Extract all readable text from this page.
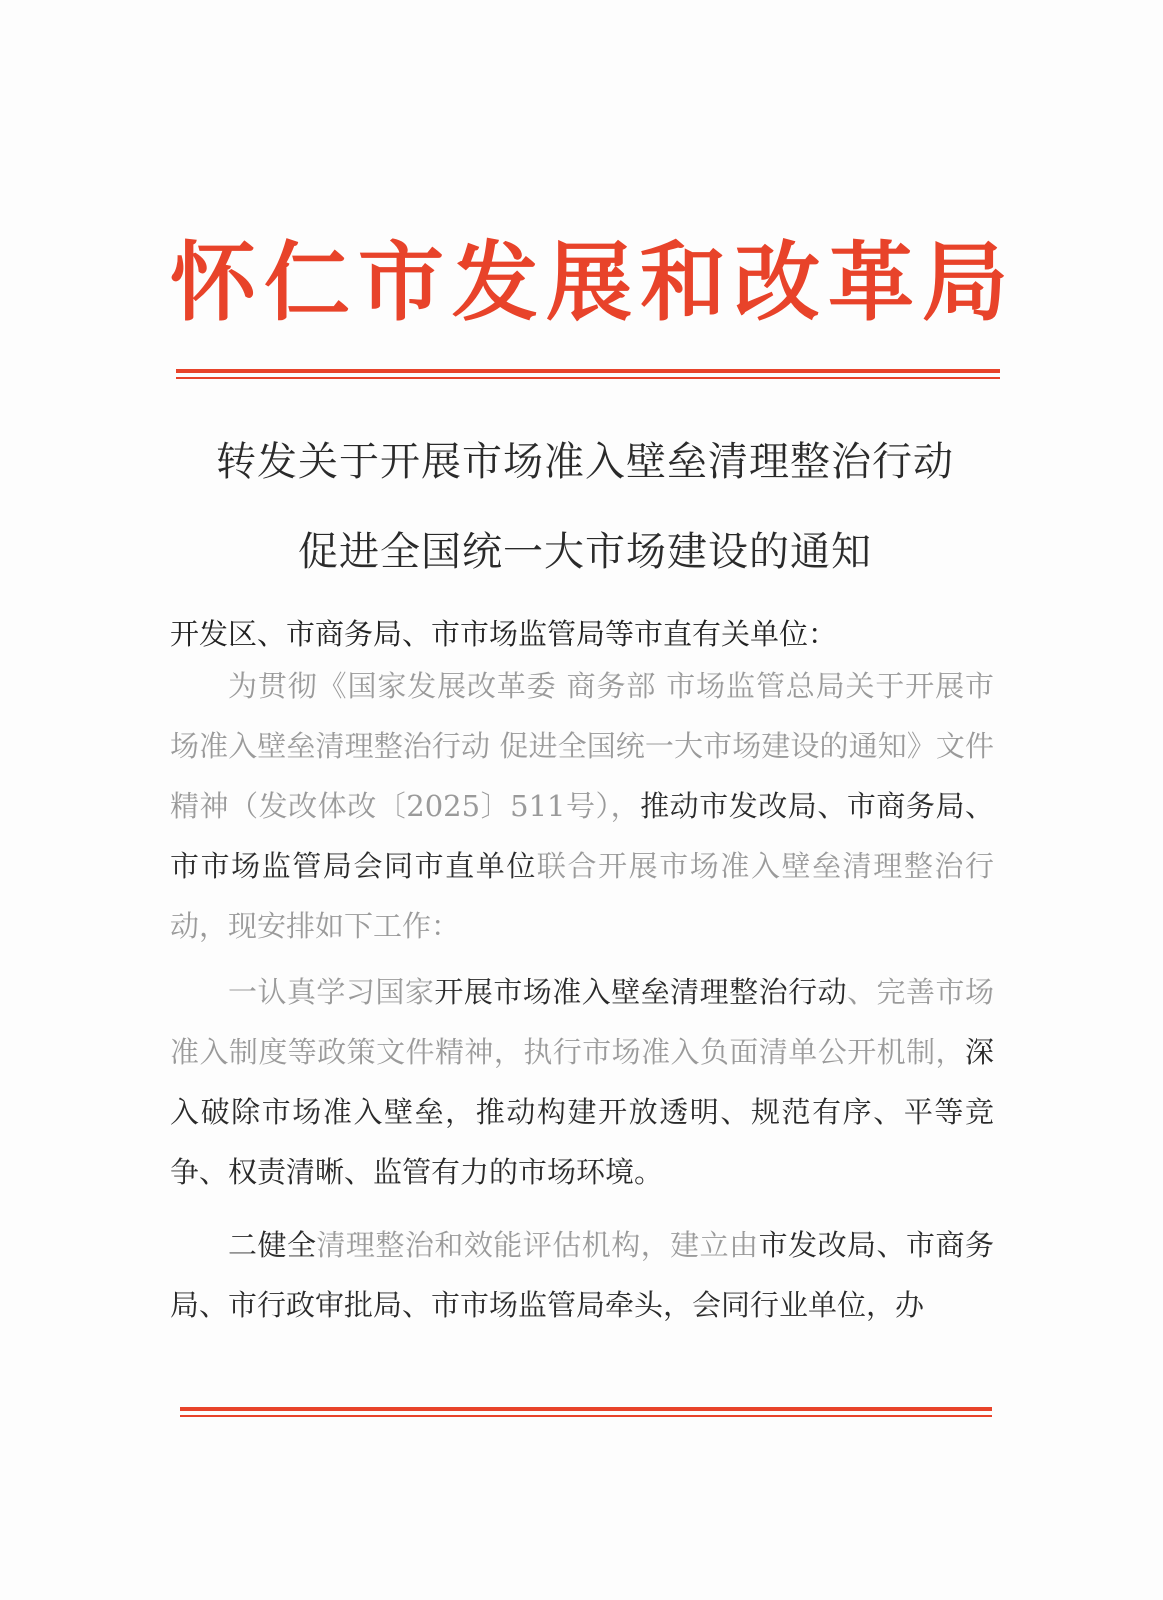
怀仁市发展和改革局
转发关于开展市场准入壁垒清理整治行动
促进全国统一大市场建设的通知
开发区、市商务局、市市场监管局等市直有关单位：
为贯彻《国家发展改革委 商务部 市场监管总局关于开展市场准入壁垒清理整治行动 促进全国统一大市场建设的通知》文件精神（发改体改〔2025〕511号），推动市发改局、市商务局、市市场监管局会同市直单位联合开展市场准入壁垒清理整治行动，现安排如下工作：
一认真学习国家开展市场准入壁垒清理整治行动、完善市场准入制度等政策文件精神，执行市场准入负面清单公开机制，深入破除市场准入壁垒，推动构建开放透明、规范有序、平等竞争、权责清晰、监管有力的市场环境。
二健全清理整治和效能评估机构，建立由市发改局、市商务局、市行政审批局、市市场监管局牵头，会同行业单位，办
